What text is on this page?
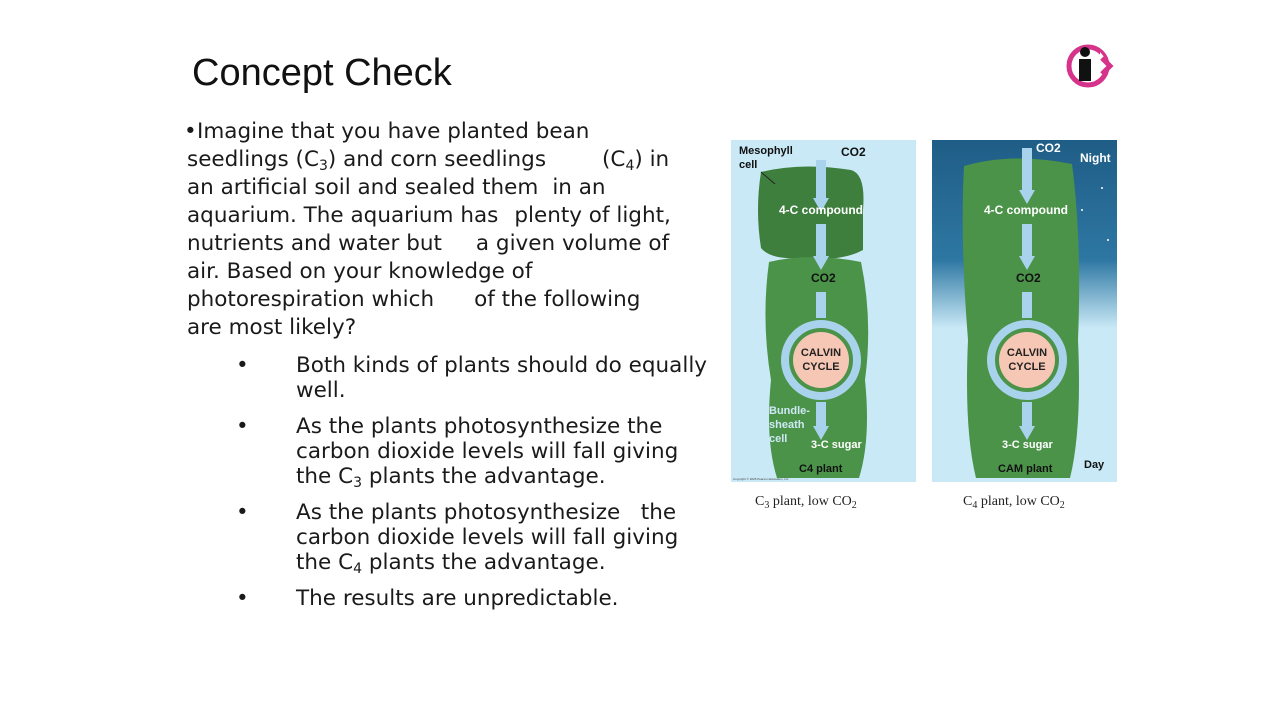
Concept Check
• Imagine that you have planted bean
seedlings $(C_3)$ and corn seedlings	$(C_4)$ in
an artificial soil and sealed them in an
aquarium. The aquarium has plenty of light,
nutrients and water but a given volume of
air. Based on your knowledge of
photorespiration which of the following
are most likely?
• Both kinds of plants should do equally well.
• As the plants photosynthesize the carbon dioxide levels will fall giving the $C_3$ plants the advantage.
• As the plants photosynthesize   the carbon dioxide levels will fall giving the $C_4$ plants the advantage.
• The results are unpredictable.
Mesophyll
cell
CO2
4-C compound
CO2
CALVIN
CYCLE
Bundle-
sheath
cell 3-C sugar
C4 plant
Copyright © 2005 Pearson Education, Inc.
CO2
Night
4-C compound
CO2
CALVIN
CYCLE
3-C sugar
CAM plant	Day
$C_3$ plant, low $CO_2$	$C_4$ plant, low $CO_2$
